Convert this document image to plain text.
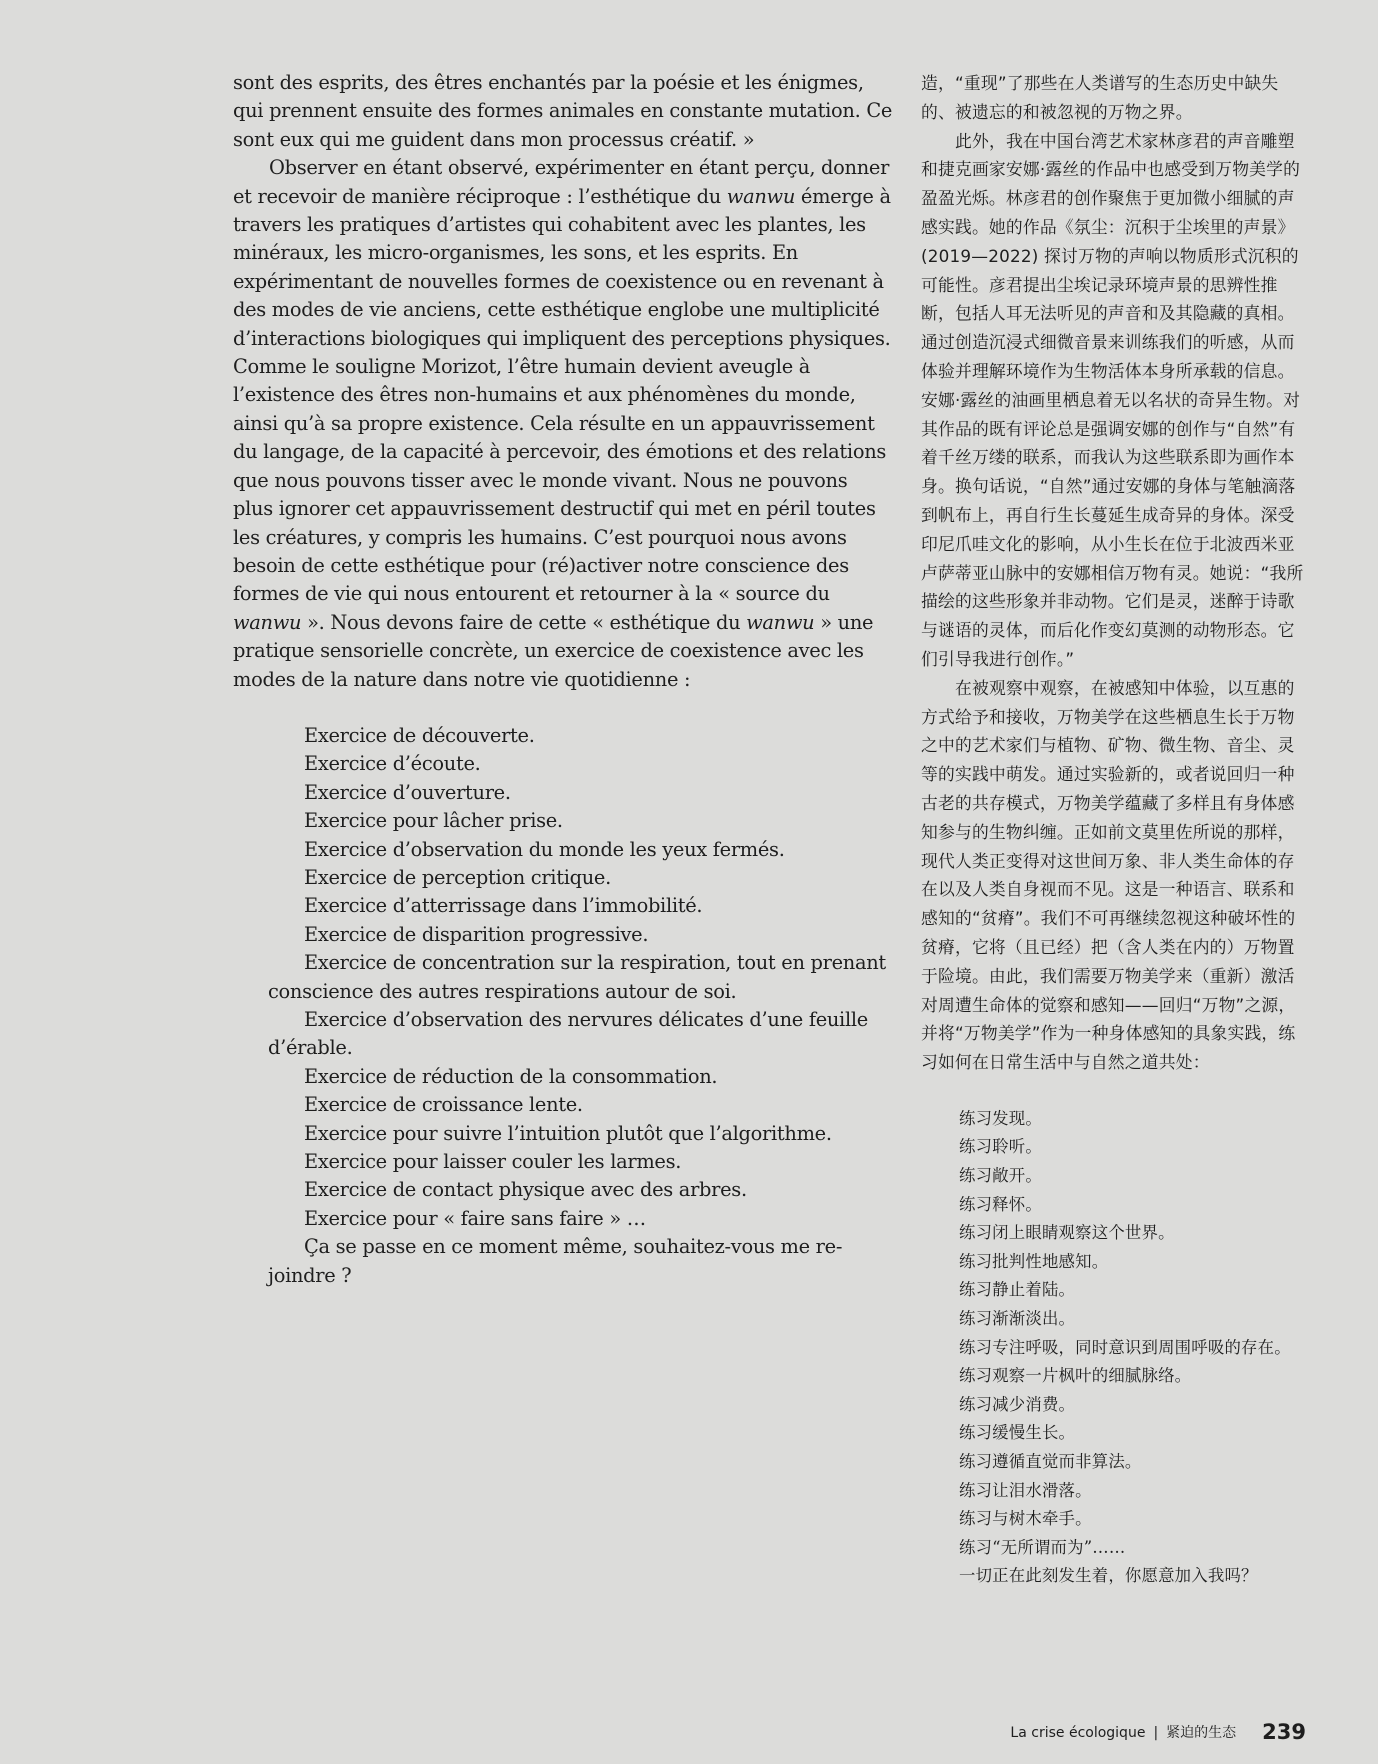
sont des esprits, des êtres enchantés par la poésie et les énigmes, qui prennent ensuite des formes animales en constante mutation. Ce sont eux qui me guident dans mon processus créatif. »

Observer en étant observé, expérimenter en étant perçu, donner et recevoir de manière réciproque : l’esthétique du wanwu émerge à travers les pratiques d’artistes qui cohabitent avec les plantes, les minéraux, les micro-organismes, les sons, et les esprits. En expérimentant de nouvelles formes de coexistence ou en revenant à des modes de vie anciens, cette esthétique englobe une multiplicité d’interactions biologiques qui impliquent des perceptions physiques. Comme le souligne Morizot, l’être humain devient aveugle à l’existence des êtres non-humains et aux phénomènes du monde, ainsi qu’à sa propre existence. Cela résulte en un appauvrissement du langage, de la capacité à percevoir, des émotions et des relations que nous pouvons tisser avec le monde vivant. Nous ne pouvons plus ignorer cet appauvrissement destructif qui met en péril toutes les créatures, y compris les humains. C’est pourquoi nous avons besoin de cette esthétique pour (ré)activer notre conscience des formes de vie qui nous entourent et retourner à la « source du wanwu ». Nous devons faire de cette « esthétique du wanwu » une pratique sensorielle concrète, un exercice de coexistence avec les modes de la nature dans notre vie quotidienne :

Exercice de découverte.

Exercice d’écoute.

Exercice d’ouverture.

Exercice pour lâcher prise.

Exercice d’observation du monde les yeux fermés.

Exercice de perception critique.

Exercice d’atterrissage dans l’immobilité.

Exercice de disparition progressive.

Exercice de concentration sur la respiration, tout en prenant conscience des autres respirations autour de soi.

Exercice d’observation des nervures délicates d’une feuille d’érable.

Exercice de réduction de la consommation.

Exercice de croissance lente.

Exercice pour suivre l’intuition plutôt que l’algorithme.

Exercice pour laisser couler les larmes.

Exercice de contact physique avec des arbres.

Exercice pour « faire sans faire » …

Ça se passe en ce moment même, souhaitez-vous me rejoindre ?

造，“重现”了那些在人类谱写的生态历史中缺失的、被遗忘的和被忽视的万物之界。

此外，我在中国台湾艺术家林彦君的声音雕塑和捷克画家安娜·露丝的作品中也感受到万物美学的盈盈光烁。林彦君的创作聚焦于更加微小细腻的声感实践。她的作品《氛尘：沉积于尘埃里的声景》(2019—2022) 探讨万物的声响以物质形式沉积的可能性。彦君提出尘埃记录环境声景的思辨性推断，包括人耳无法听见的声音和及其隐藏的真相。通过创造沉浸式细微音景来训练我们的听感，从而体验并理解环境作为生物活体本身所承载的信息。安娜·露丝的油画里栖息着无以名状的奇异生物。对其作品的既有评论总是强调安娜的创作与“自然”有着千丝万缕的联系，而我认为这些联系即为画作本身。换句话说，“自然”通过安娜的身体与笔触滴落到帆布上，再自行生长蔓延生成奇异的身体。深受印尼爪哇文化的影响，从小生长在位于北波西米亚卢萨蒂亚山脉中的安娜相信万物有灵。她说：“我所描绘的这些形象并非动物。它们是灵，迷醉于诗歌与谜语的灵体，而后化作变幻莫测的动物形态。它们引导我进行创作。”

在被观察中观察，在被感知中体验，以互惠的方式给予和接收，万物美学在这些栖息生长于万物之中的艺术家们与植物、矿物、微生物、音尘、灵等的实践中萌发。通过实验新的，或者说回归一种古老的共存模式，万物美学蕴藏了多样且有身体感知参与的生物纠缠。正如前文莫里佐所说的那样，现代人类正变得对这世间万象、非人类生命体的存在以及人类自身视而不见。这是一种语言、联系和感知的“贫瘠”。我们不可再继续忽视这种破坏性的贫瘠，它将（且已经）把（含人类在内的）万物置于险境。由此，我们需要万物美学来（重新）激活对周遭生命体的觉察和感知——回归“万物”之源，并将“万物美学”作为一种身体感知的具象实践，练习如何在日常生活中与自然之道共处：

练习发现。
练习聆听。
练习敞开。
练习释怀。
练习闭上眼睛观察这个世界。
练习批判性地感知。
练习静止着陆。
练习渐渐淡出。
练习专注呼吸，同时意识到周围呼吸的存在。
练习观察一片枫叶的细腻脉络。
练习减少消费。
练习缓慢生长。
练习遵循直觉而非算法。
练习让泪水滑落。
练习与树木牵手。
练习“无所谓而为”……
一切正在此刻发生着，你愿意加入我吗？
La crise écologique | 紧迫的生态 239
